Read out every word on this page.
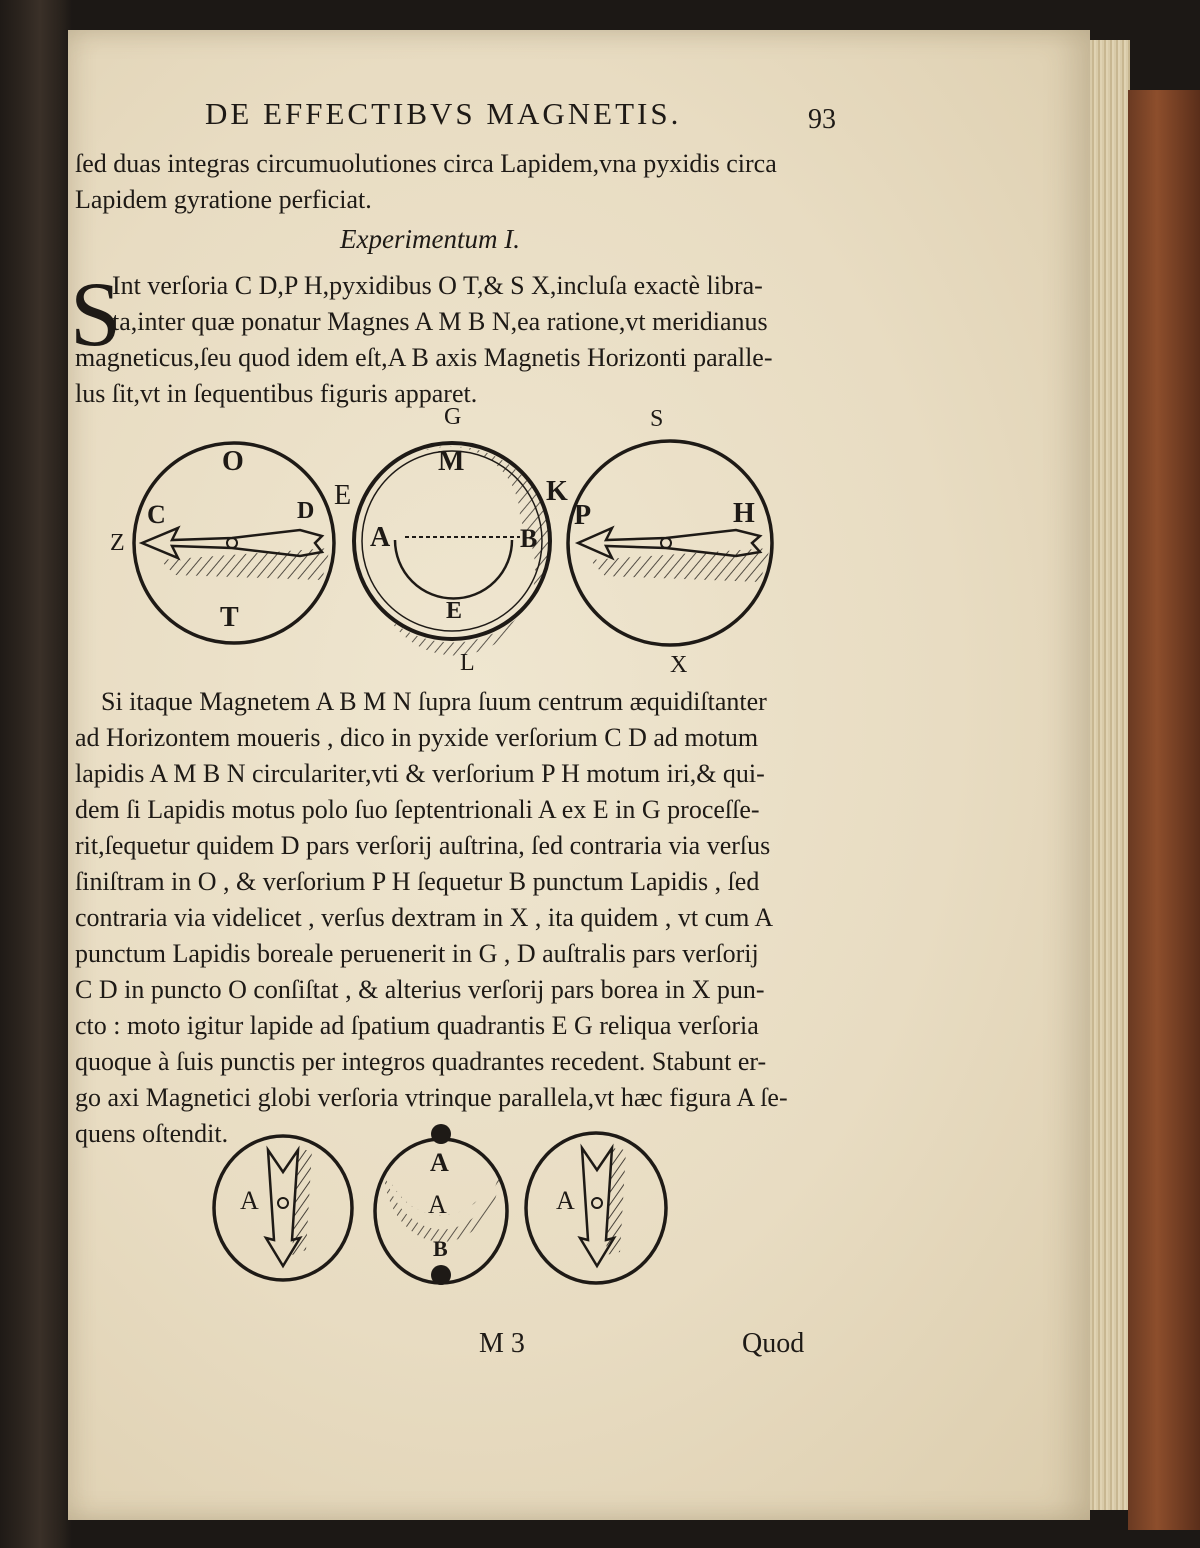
DE EFFECTIBVS MAGNETIS.	93

ſed duas integras circumuolutiones circa Lapidem,vna pyxidis circa

Lapidem gyratione perficiat.

Experimentum I.
S

Int verſoria C D,P H,pyxidibus O T,& S X,incluſa exactè libra-

ta,inter quæ ponatur Magnes A M B N,ea ratione,vt meridianus

magneticus,ſeu quod idem eſt,A B axis Magnetis Horizonti paralle-

lus ſit,vt in ſequentibus figuris apparet.

G	S
L	X
O
C	D
Z
T
E
M
K
A	B
E
P	H

Si itaque Magnetem A B M N ſupra ſuum centrum æquidiſtanter

ad Horizontem moueris , dico in pyxide verſorium C D ad motum

lapidis A M B N circulariter,vti & verſorium P H motum iri,& qui-

dem ſi Lapidis motus polo ſuo ſeptentrionali A ex E in G proceſſe-

rit,ſequetur quidem D pars verſorij auſtrina, ſed contraria via verſus

ſiniſtram in O , & verſorium P H ſequetur B punctum Lapidis , ſed

contraria via videlicet , verſus dextram in X , ita quidem , vt cum A

punctum Lapidis boreale peruenerit in G , D auſtralis pars verſorij

C D in puncto O conſiſtat , & alterius verſorij pars borea in X pun-

cto : moto igitur lapide ad ſpatium quadrantis E G reliqua verſoria

quoque à ſuis punctis per integros quadrantes recedent. Stabunt er-

go axi Magnetici globi verſoria vtrinque parallela,vt hæc figura A ſe-

quens oſtendit.

A
A
A	A
B
M 3	Quod
